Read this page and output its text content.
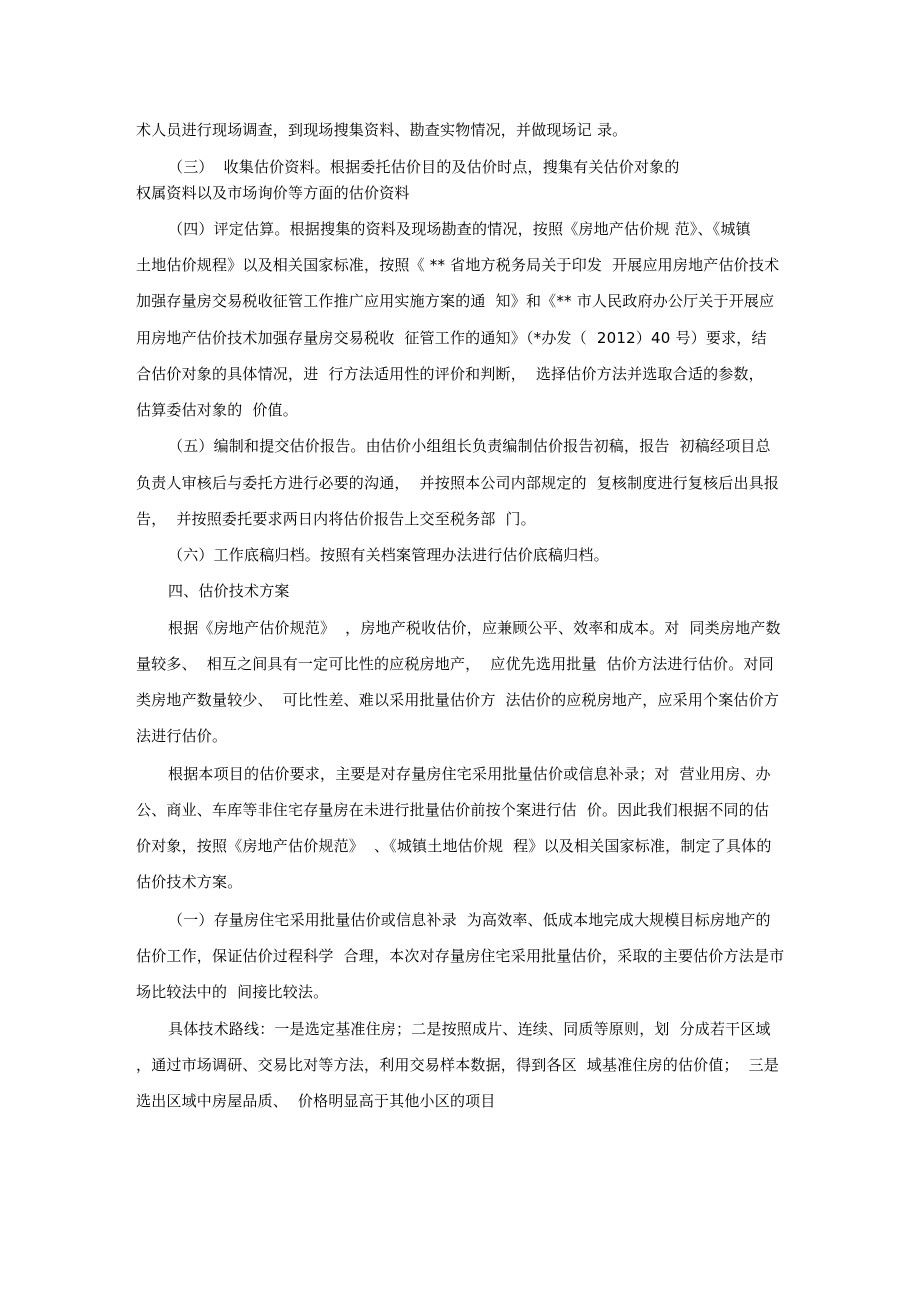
术人员进行现场调查，到现场搜集资料、勘查实物情况，并做现场记 录。
（三）  收集估价资料。根据委托估价目的及估价时点，搜集有关估价对象的
权属资料以及市场询价等方面的估价资料
（四）评定估算。根据搜集的资料及现场勘查的情况，按照《房地产估价规 范》、《城镇
土地估价规程》以及相关国家标准，按照《 ** 省地方税务局关于印发  开展应用房地产估价技术
加强存量房交易税收征管工作推广应用实施方案的通  知》和《** 市人民政府办公厅关于开展应
用房地产估价技术加强存量房交易税收  征管工作的通知》（*办发（  2012）40 号）要求，结
合估价对象的具体情况，进  行方法适用性的评价和判断，  选择估价方法并选取合适的参数，
估算委估对象的  价值。
（五）编制和提交估价报告。由估价小组组长负责编制估价报告初稿，报告  初稿经项目总
负责人审核后与委托方进行必要的沟通，  并按照本公司内部规定的  复核制度进行复核后出具报
告，  并按照委托要求两日内将估价报告上交至税务部  门。
（六）工作底稿归档。按照有关档案管理办法进行估价底稿归档。
四、估价技术方案
根据《房地产估价规范》  ，房地产税收估价，应兼顾公平、效率和成本。对  同类房地产数
量较多、  相互之间具有一定可比性的应税房地产，  应优先选用批量  估价方法进行估价。对同
类房地产数量较少、  可比性差、难以采用批量估价方  法估价的应税房地产，应采用个案估价方
法进行估价。
根据本项目的估价要求，主要是对存量房住宅采用批量估价或信息补录；对  营业用房、办
公、商业、车库等非住宅存量房在未进行批量估价前按个案进行估  价。因此我们根据不同的估
价对象，按照《房地产估价规范》  、《城镇土地估价规  程》以及相关国家标准，制定了具体的
估价技术方案。
（一）存量房住宅采用批量估价或信息补录  为高效率、低成本地完成大规模目标房地产的
估价工作，保证估价过程科学  合理，本次对存量房住宅采用批量估价，采取的主要估价方法是市
场比较法中的  间接比较法。
具体技术路线：一是选定基准住房；二是按照成片、连续、同质等原则，划  分成若干区域
，通过市场调研、交易比对等方法，利用交易样本数据，得到各区  域基准住房的估价值；  三是
选出区域中房屋品质、  价格明显高于其他小区的项目
